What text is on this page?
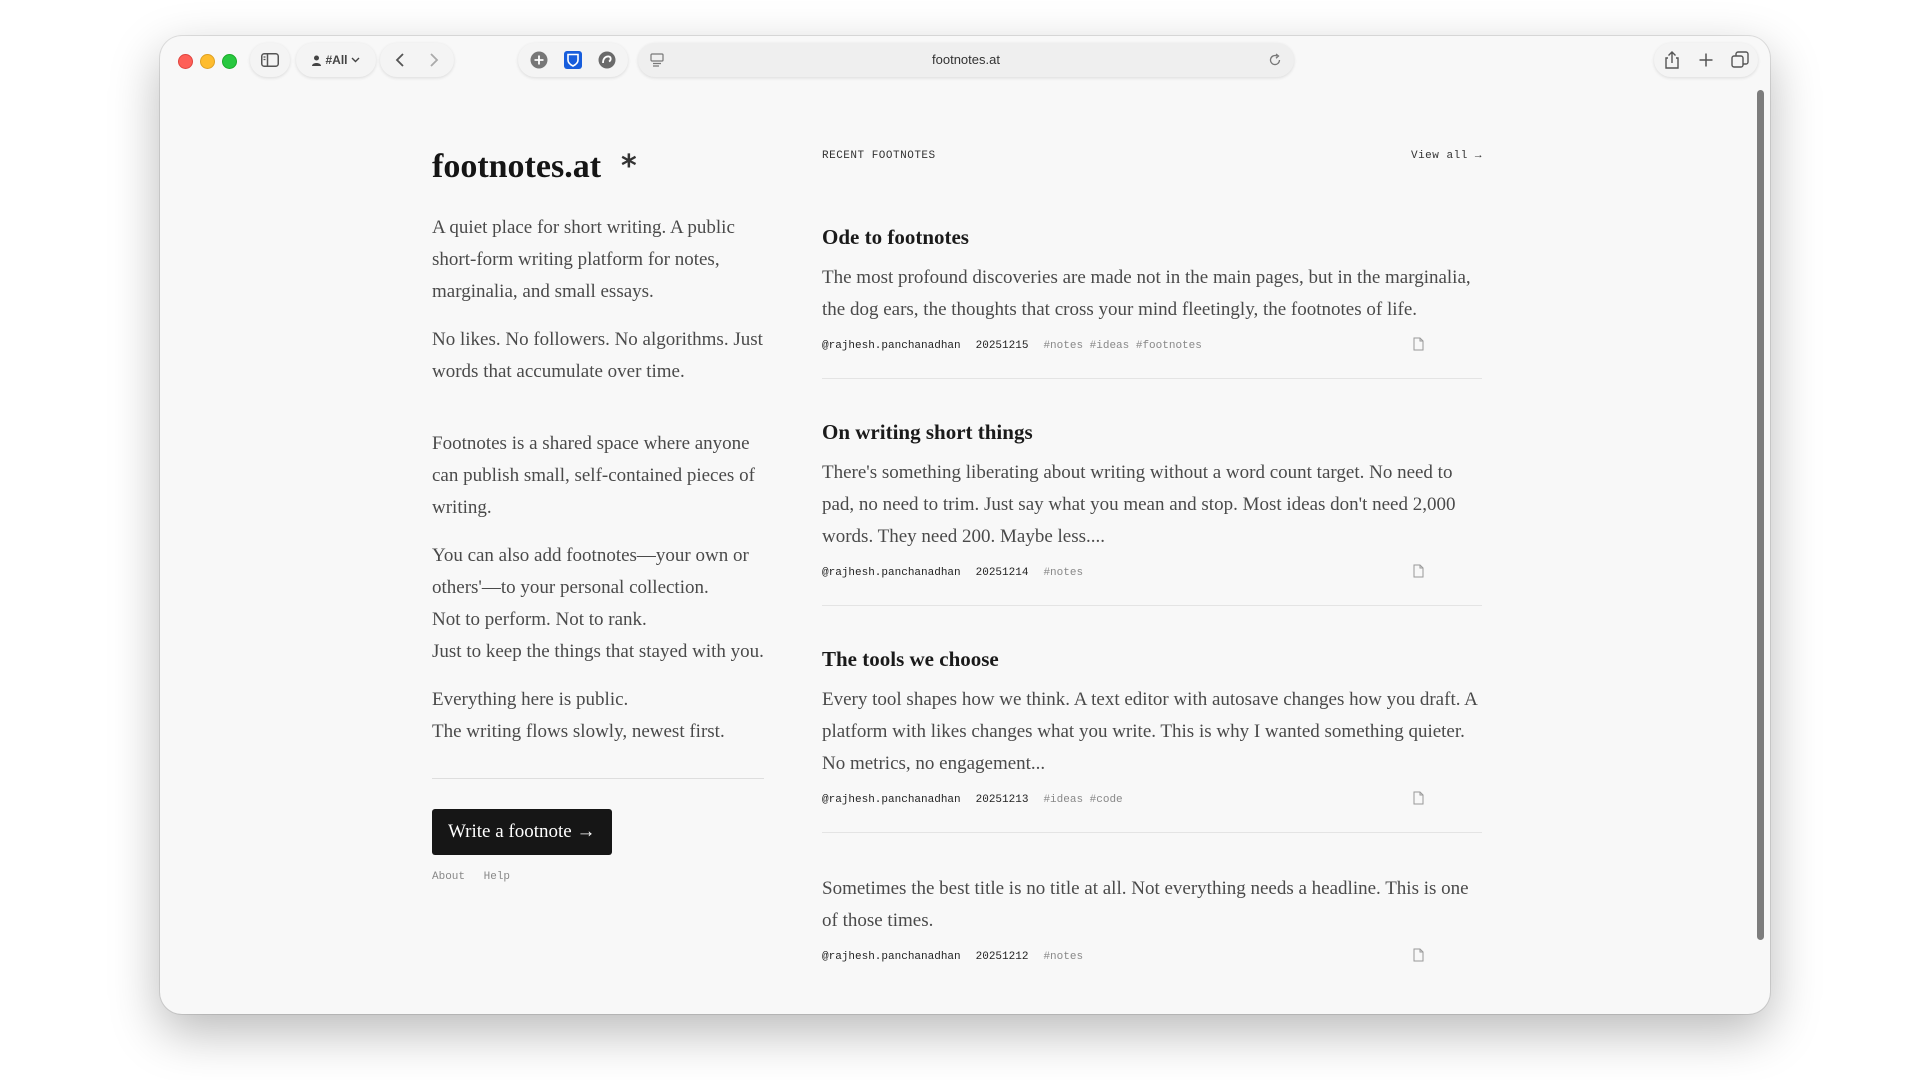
#All	footnotes.at
footnotes.at *

A quiet place for short writing. A public short-form writing platform for notes, marginalia, and small essays.

No likes. No followers. No algorithms. Just words that accumulate over time.

Footnotes is a shared space where anyone can publish small, self-contained pieces of writing.

You can also add footnotes—your own or others'—to your personal collection.
Not to perform. Not to rank.
Just to keep the things that stayed with you.

Everything here is public.
The writing flows slowly, newest first.

Write a footnote →
About Help
RECENT FOOTNOTES	View all →
Ode to footnotes

The most profound discoveries are made not in the main pages, but in the marginalia, the dog ears, the thoughts that cross your mind fleetingly, the footnotes of life.

@rajhesh.panchanadhan 20251215 #notes #ideas #footnotes
On writing short things

There's something liberating about writing without a word count target. No need to pad, no need to trim. Just say what you mean and stop. Most ideas don't need 2,000 words. They need 200. Maybe less....

@rajhesh.panchanadhan 20251214 #notes
The tools we choose

Every tool shapes how we think. A text editor with autosave changes how you draft. A platform with likes changes what you write. This is why I wanted something quieter. No metrics, no engagement...

@rajhesh.panchanadhan 20251213 #ideas #code

Sometimes the best title is no title at all. Not everything needs a headline. This is one of those times.

@rajhesh.panchanadhan 20251212 #notes
